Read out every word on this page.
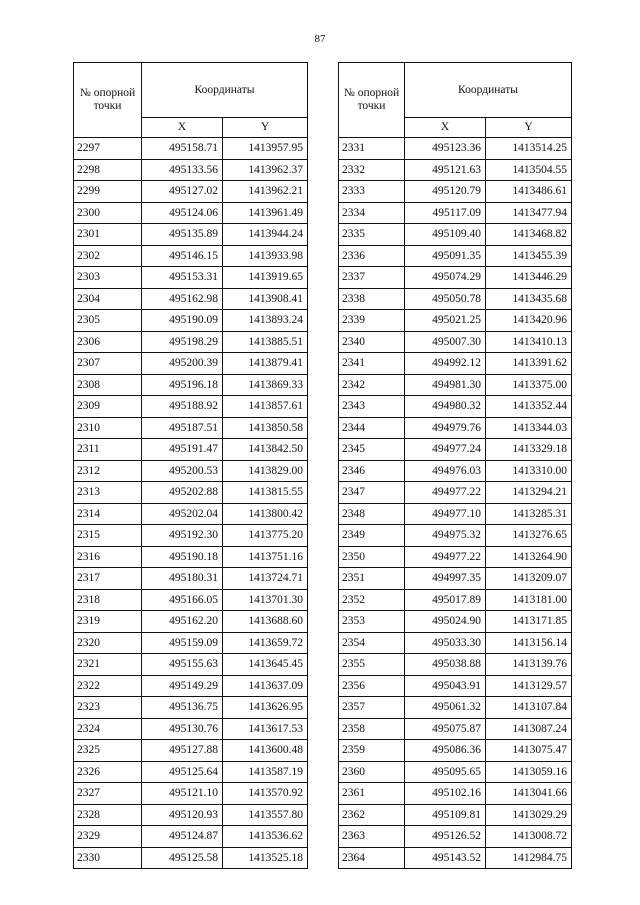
87
№ опорной точки	Координаты	
	X	Y
2297	495158.71	1413957.95
2298	495133.56	1413962.37
2299	495127.02	1413962.21
2300	495124.06	1413961.49
2301	495135.89	1413944.24
2302	495146.15	1413933.98
2303	495153.31	1413919.65
2304	495162.98	1413908.41
2305	495190.09	1413893.24
2306	495198.29	1413885.51
2307	495200.39	1413879.41
2308	495196.18	1413869.33
2309	495188.92	1413857.61
2310	495187.51	1413850.58
2311	495191.47	1413842.50
2312	495200.53	1413829.00
2313	495202.88	1413815.55
2314	495202.04	1413800.42
2315	495192.30	1413775.20
2316	495190.18	1413751.16
2317	495180.31	1413724.71
2318	495166.05	1413701.30
2319	495162.20	1413688.60
2320	495159.09	1413659.72
2321	495155.63	1413645.45
2322	495149.29	1413637.09
2323	495136.75	1413626.95
2324	495130.76	1413617.53
2325	495127.88	1413600.48
2326	495125.64	1413587.19
2327	495121.10	1413570.92
2328	495120.93	1413557.80
2329	495124.87	1413536.62
2330	495125.58	1413525.18
№ опорной точки	Координаты	
	X	Y
2331	495123.36	1413514.25
2332	495121.63	1413504.55
2333	495120.79	1413486.61
2334	495117.09	1413477.94
2335	495109.40	1413468.82
2336	495091.35	1413455.39
2337	495074.29	1413446.29
2338	495050.78	1413435.68
2339	495021.25	1413420.96
2340	495007.30	1413410.13
2341	494992.12	1413391.62
2342	494981.30	1413375.00
2343	494980.32	1413352.44
2344	494979.76	1413344.03
2345	494977.24	1413329.18
2346	494976.03	1413310.00
2347	494977.22	1413294.21
2348	494977.10	1413285.31
2349	494975.32	1413276.65
2350	494977.22	1413264.90
2351	494997.35	1413209.07
2352	495017.89	1413181.00
2353	495024.90	1413171.85
2354	495033.30	1413156.14
2355	495038.88	1413139.76
2356	495043.91	1413129.57
2357	495061.32	1413107.84
2358	495075.87	1413087.24
2359	495086.36	1413075.47
2360	495095.65	1413059.16
2361	495102.16	1413041.66
2362	495109.81	1413029.29
2363	495126.52	1413008.72
2364	495143.52	1412984.75
